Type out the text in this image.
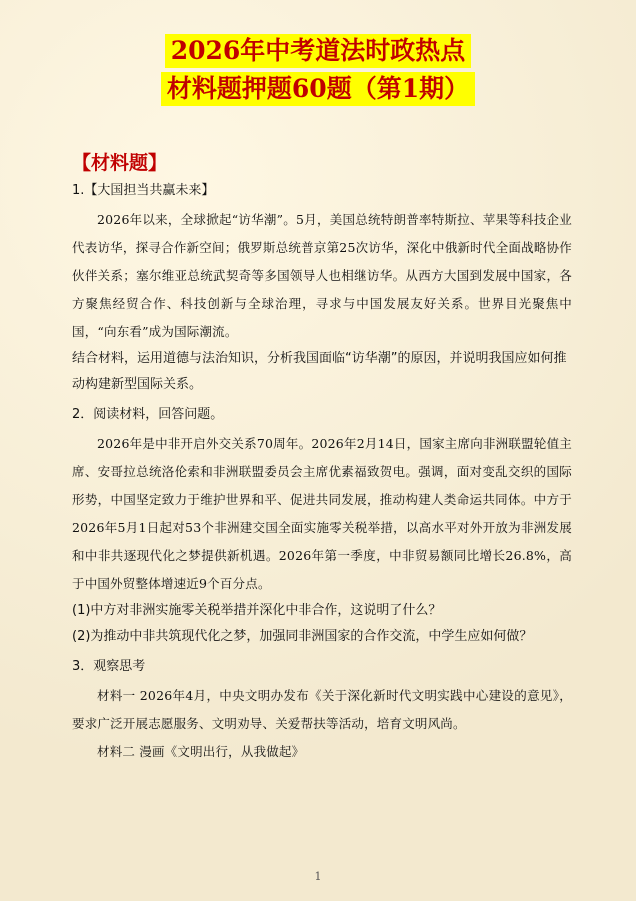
2026年中考道法时政热点
材料题押题60题（第1期）
【材料题】

1.【大国担当共赢未来】

2026年以来，全球掀起“访华潮”。5月，美国总统特朗普率特斯拉、苹果等科技企业代表访华，探寻合作新空间；俄罗斯总统普京第25次访华，深化中俄新时代全面战略协作伙伴关系；塞尔维亚总统武契奇等多国领导人也相继访华。从西方大国到发展中国家，各方聚焦经贸合作、科技创新与全球治理，寻求与中国发展友好关系。世界目光聚焦中国，“向东看”成为国际潮流。

结合材料，运用道德与法治知识，分析我国面临“访华潮”的原因，并说明我国应如何推动构建新型国际关系。

2．阅读材料，回答问题。

2026年是中非开启外交关系70周年。2026年2月14日，国家主席向非洲联盟轮值主席、安哥拉总统洛伦索和非洲联盟委员会主席优素福致贺电。强调，面对变乱交织的国际形势，中国坚定致力于维护世界和平、促进共同发展，推动构建人类命运共同体。中方于2026年5月1日起对53个非洲建交国全面实施零关税举措，以高水平对外开放为非洲发展和中非共逐现代化之梦提供新机遇。2026年第一季度，中非贸易额同比增长26.8%，高于中国外贸整体增速近9个百分点。

(1)中方对非洲实施零关税举措并深化中非合作，这说明了什么？

(2)为推动中非共筑现代化之梦，加强同非洲国家的合作交流，中学生应如何做？

3．观察思考

材料一 2026年4月，中央文明办发布《关于深化新时代文明实践中心建设的意见》，要求广泛开展志愿服务、文明劝导、关爱帮扶等活动，培育文明风尚。

材料二 漫画《文明出行，从我做起》

1
